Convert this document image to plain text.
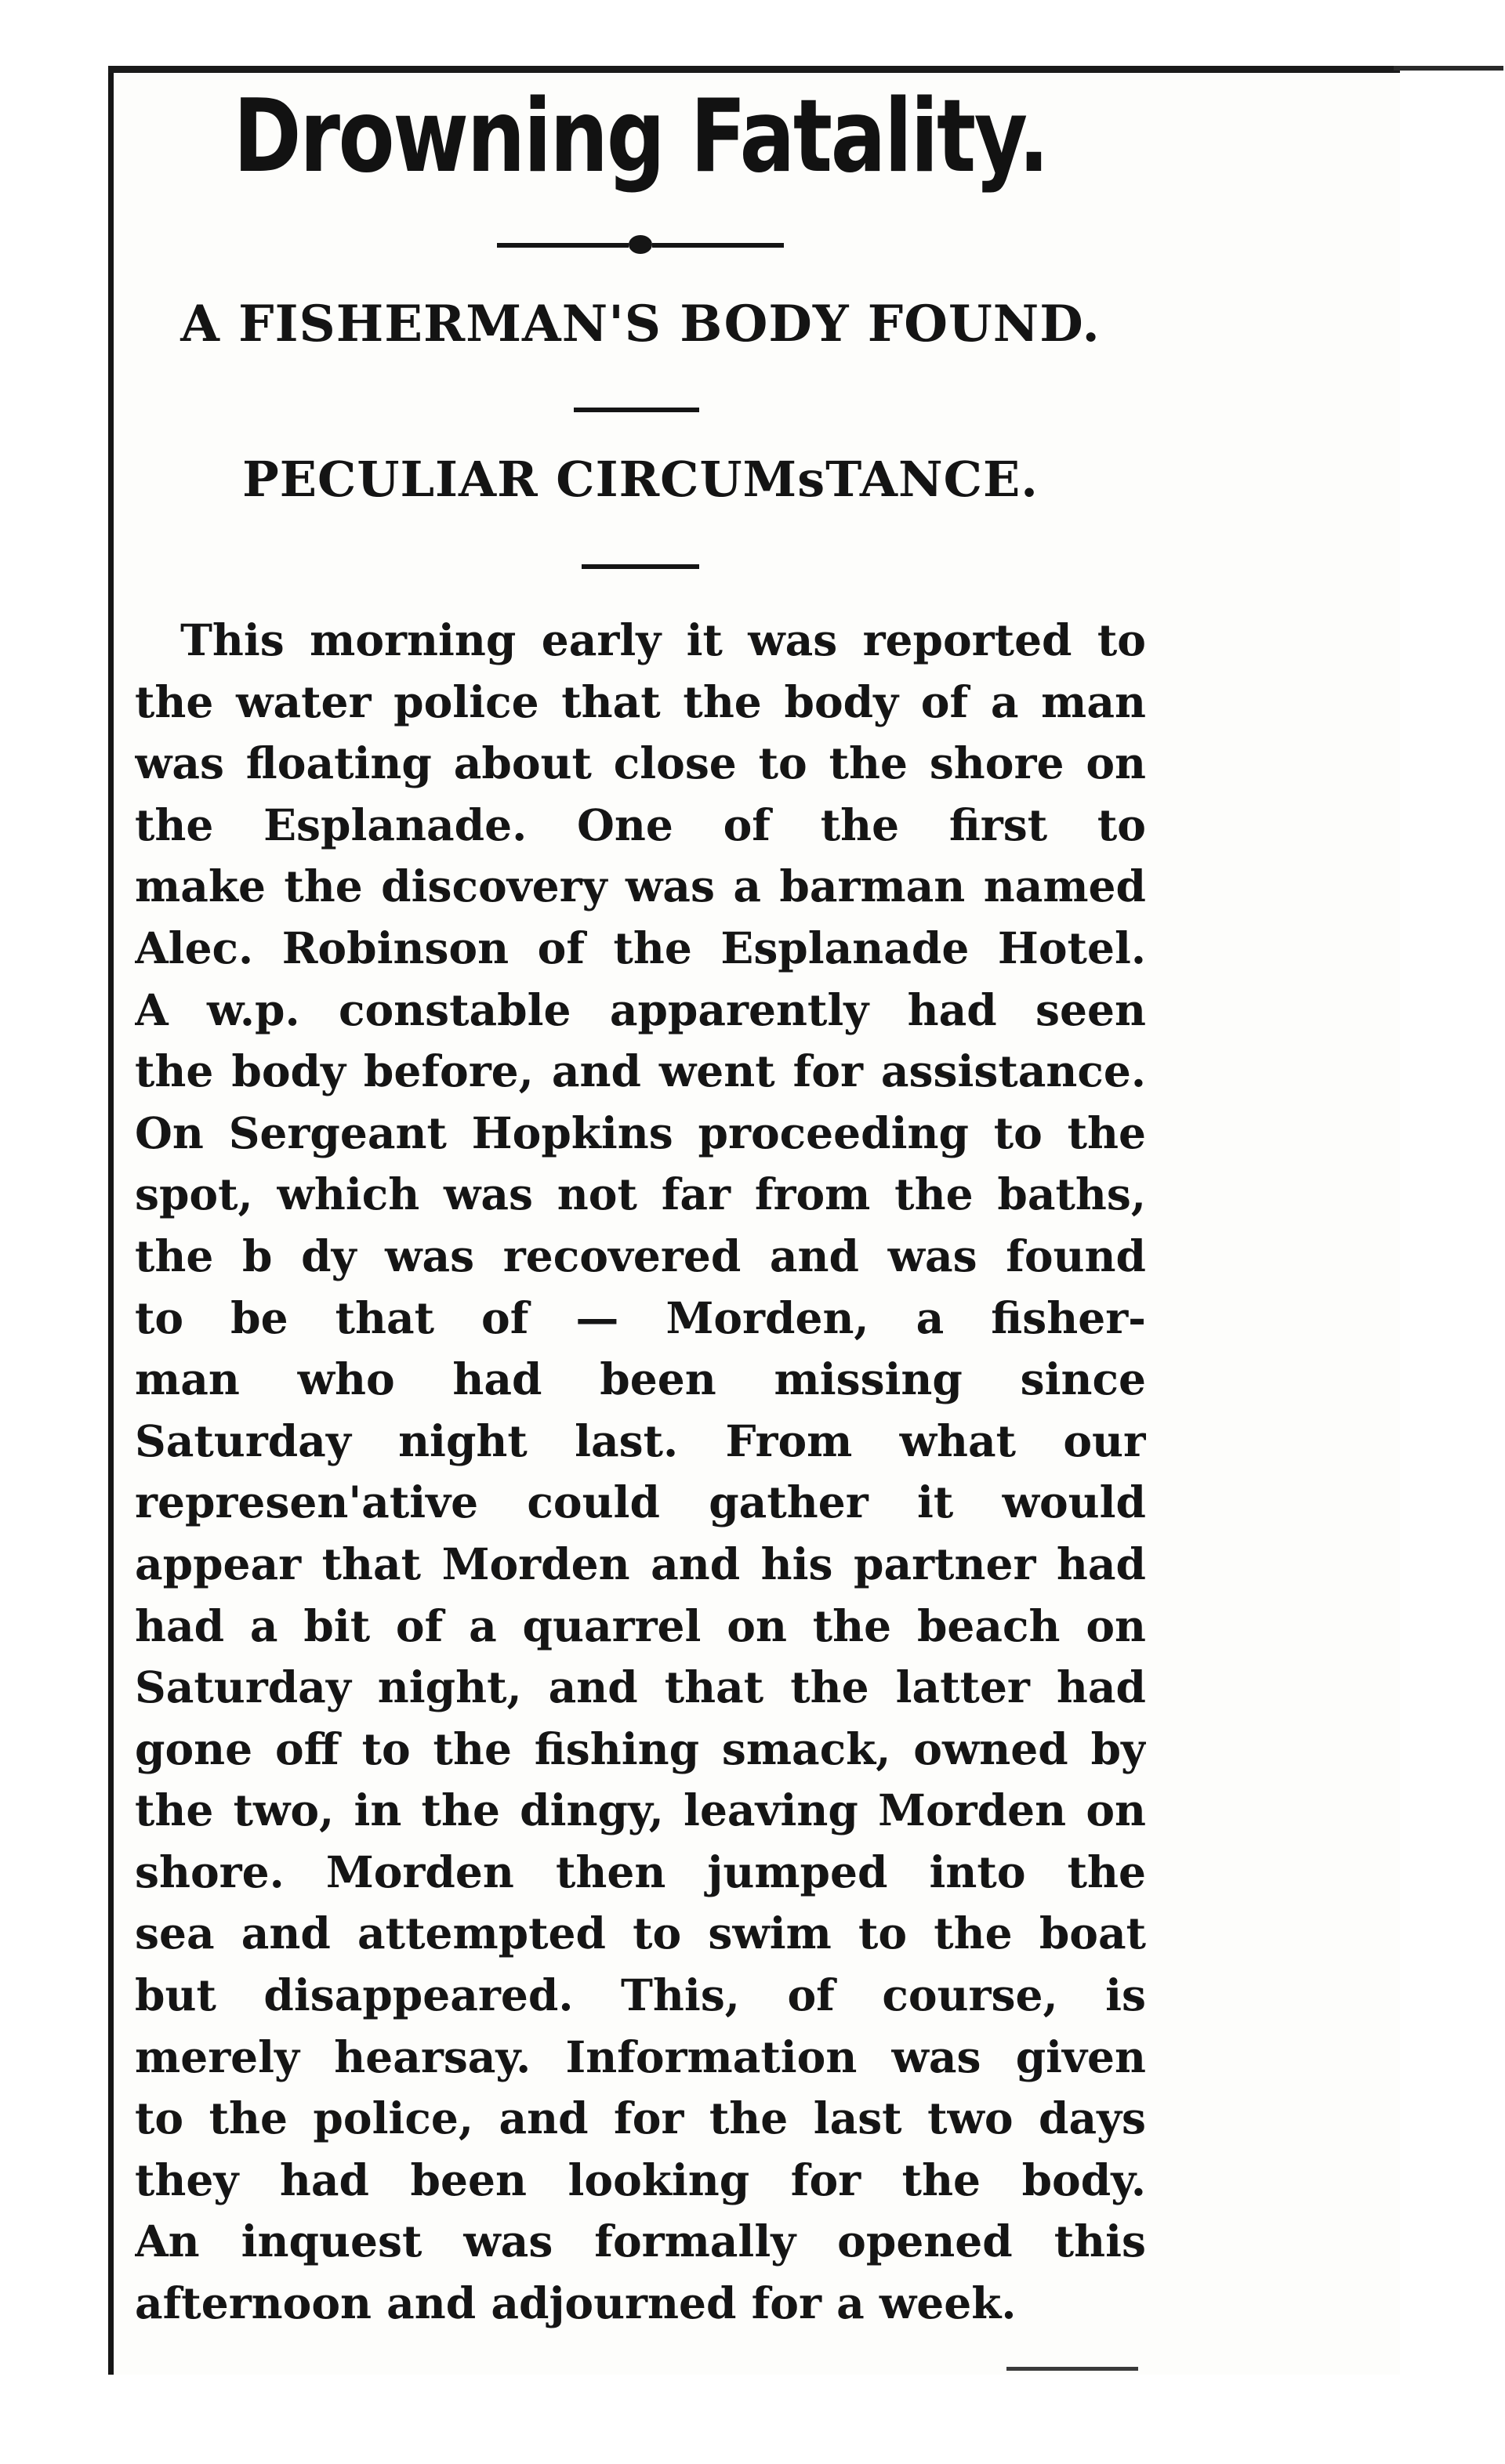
Drowning Fatality.
A FISHERMAN'S BODY FOUND.
PECULIAR CIRCUMsTANCE.
This morning early it was reported to
the water police that the body of a man
was floating about close to the shore on
the Esplanade. One of the first to
make the discovery was a barman named
Alec. Robinson of the Esplanade Hotel.
A w.p. constable apparently had seen
the body before, and went for assistance.
On Sergeant Hopkins proceeding to the
spot, which was not far from the baths,
the b dy was recovered and was found
to be that of — Morden, a fisher-
man who had been missing since
Saturday night last. From what our
represen'ative could gather it would
appear that Morden and his partner had
had a bit of a quarrel on the beach on
Saturday night, and that the latter had
gone off to the fishing smack, owned by
the two, in the dingy, leaving Morden on
shore. Morden then jumped into the
sea and attempted to swim to the boat
but disappeared. This, of course, is
merely hearsay. Information was given
to the police, and for the last two days
they had been looking for the body.
An inquest was formally opened this
afternoon and adjourned for a week.
